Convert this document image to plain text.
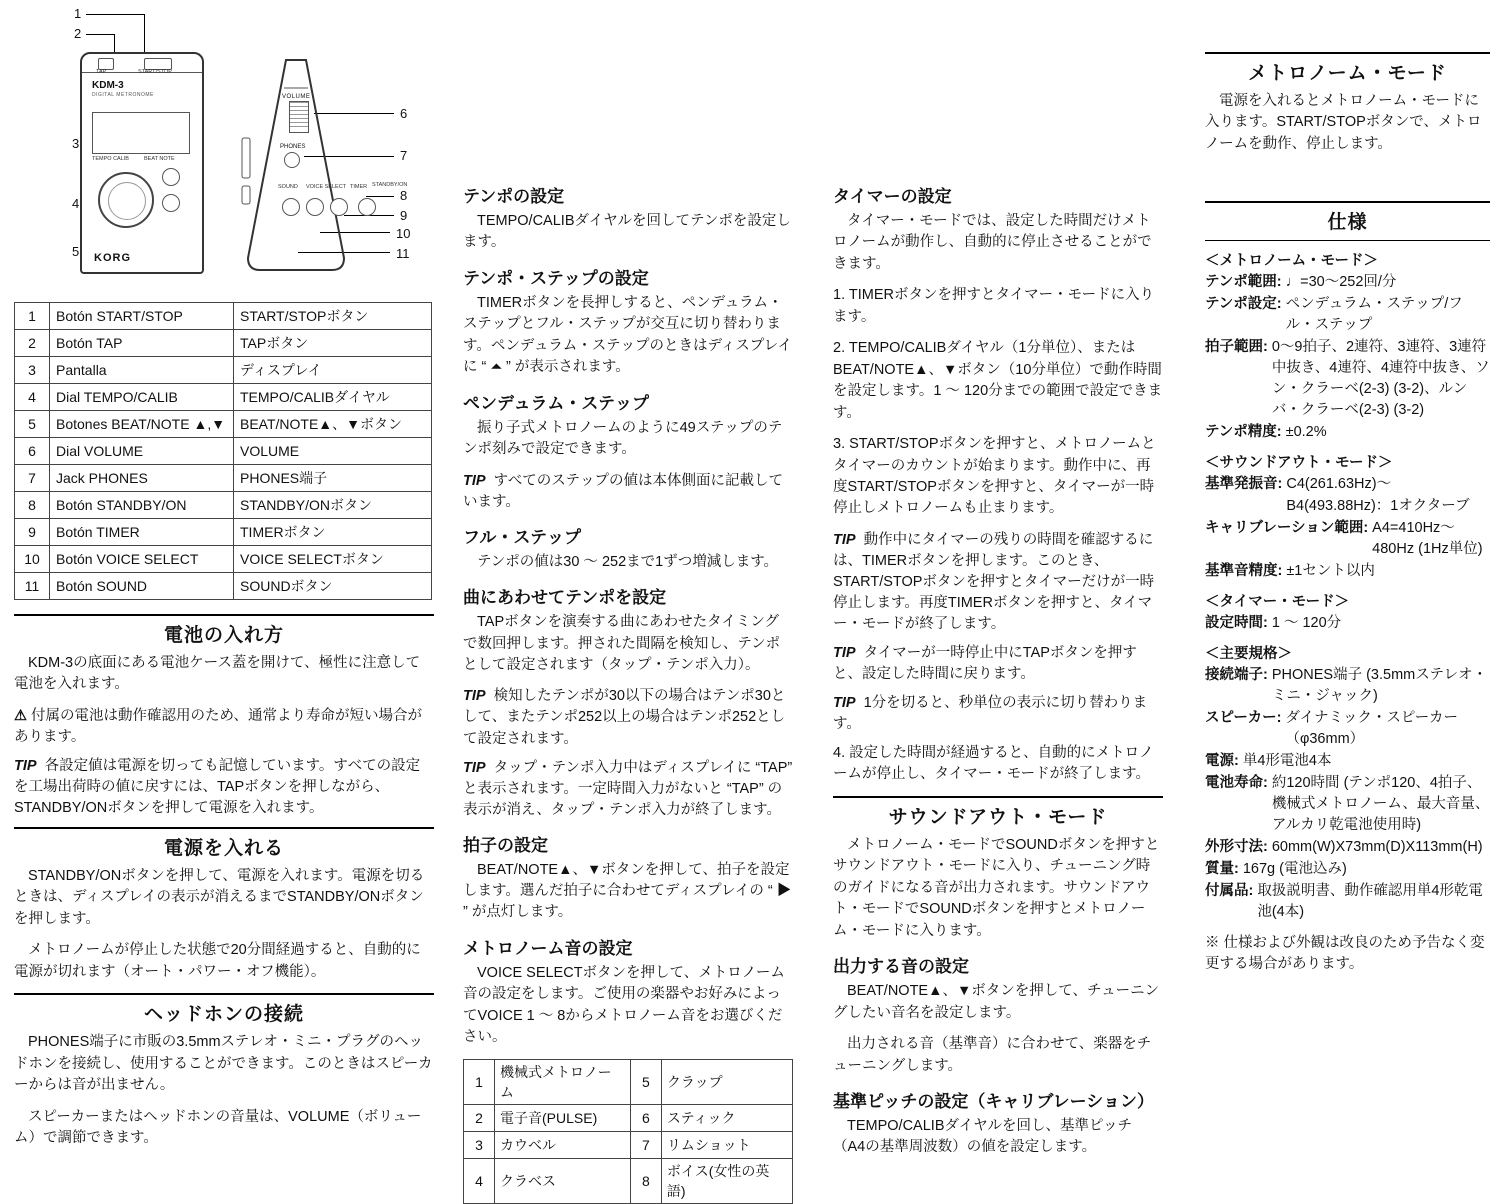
1
2
3
4
5
6
7
8
9
10
11
TAP	START/STOP
KDM-3
DIGITAL METRONOME
TEMPO CALIB	BEAT NOTE
KORG
VOLUME
PHONES
SOUND VOICE SELECT TIMER STANDBY/ON
1	Botón START/STOP	START/STOPボタン
2	Botón TAP	TAPボタン
3	Pantalla	ディスプレイ
4	Dial TEMPO/CALIB	TEMPO/CALIBダイヤル
5	Botones BEAT/NOTE ▲,▼	BEAT/NOTE▲、▼ボタン
6	Dial VOLUME	VOLUME
7	Jack PHONES	PHONES端子
8	Botón STANDBY/ON	STANDBY/ONボタン
9	Botón TIMER	TIMERボタン
10	Botón VOICE SELECT	VOICE SELECTボタン
11	Botón SOUND	SOUNDボタン
電池の入れ方

KDM-3の底面にある電池ケース蓋を開けて、極性に注意して電池を入れます。

⚠ 付属の電池は動作確認用のため、通常より寿命が短い場合があります。

TIP 各設定値は電源を切っても記憶しています。すべての設定を工場出荷時の値に戻すには、TAPボタンを押しながら、STANDBY/ONボタンを押して電源を入れます。

電源を入れる

STANDBY/ONボタンを押して、電源を入れます。電源を切るときは、ディスプレイの表示が消えるまでSTANDBY/ONボタンを押します。

メトロノームが停止した状態で20分間経過すると、自動的に電源が切れます（オート・パワー・オフ機能）。

ヘッドホンの接続

PHONES端子に市販の3.5mmステレオ・ミニ・プラグのヘッドホンを接続し、使用することができます。このときはスピーカーからは音が出ません。

スピーカーまたはヘッドホンの音量は、VOLUME（ボリューム）で調節できます。

テンポの設定

TEMPO/CALIBダイヤルを回してテンポを設定します。

テンポ・ステップの設定

TIMERボタンを長押しすると、ペンデュラム・ステップとフル・ステップが交互に切り替わります。ペンデュラム・ステップのときはディスプレイに “ ⏶ ” が表示されます。

ペンデュラム・ステップ

振り子式メトロノームのように49ステップのテンポ刻みで設定できます。

TIP すべてのステップの値は本体側面に記載しています。

フル・ステップ

テンポの値は30 〜 252まで1ずつ増減します。

曲にあわせてテンポを設定

TAPボタンを演奏する曲にあわせたタイミングで数回押します。押された間隔を検知し、テンポとして設定されます（タップ・テンポ入力）。

TIP 検知したテンポが30以下の場合はテンポ30として、またテンポ252以上の場合はテンポ252として設定されます。

TIP タップ・テンポ入力中はディスプレイに “TAP” と表示されます。一定時間入力がないと “TAP” の表示が消え、タップ・テンポ入力が終了します。

拍子の設定

BEAT/NOTE▲、▼ボタンを押して、拍子を設定します。選んだ拍子に合わせてディスプレイの “ ▶ ” が点灯します。

メトロノーム音の設定

VOICE SELECTボタンを押して、メトロノーム音の設定をします。ご使用の楽器やお好みによってVOICE 1 〜 8からメトロノーム音をお選びください。

1	機械式メトロノーム	5	クラップ
2	電子音(PULSE)	6	スティック
3	カウベル	7	リムショット
4	クラベス	8	ボイス(女性の英語)
タイマーの設定

タイマー・モードでは、設定した時間だけメトロノームが動作し、自動的に停止させることができます。

1. TIMERボタンを押すとタイマー・モードに入ります。

2. TEMPO/CALIBダイヤル（1分単位）、またはBEAT/NOTE▲、▼ボタン（10分単位）で動作時間を設定します。1 〜 120分までの範囲で設定できます。

3. START/STOPボタンを押すと、メトロノームとタイマーのカウントが始まります。動作中に、再度START/STOPボタンを押すと、タイマーが一時停止しメトロノームも止まります。

TIP 動作中にタイマーの残りの時間を確認するには、TIMERボタンを押します。このとき、START/STOPボタンを押すとタイマーだけが一時停止します。再度TIMERボタンを押すと、タイマー・モードが終了します。

TIP タイマーが一時停止中にTAPボタンを押すと、設定した時間に戻ります。

TIP 1分を切ると、秒単位の表示に切り替わります。

4. 設定した時間が経過すると、自動的にメトロノームが停止し、タイマー・モードが終了します。

サウンドアウト・モード

メトロノーム・モードでSOUNDボタンを押すとサウンドアウト・モードに入り、チューニング時のガイドになる音が出力されます。サウンドアウト・モードでSOUNDボタンを押すとメトロノーム・モードに入ります。

出力する音の設定

BEAT/NOTE▲、▼ボタンを押して、チューニングしたい音名を設定します。

出力される音（基準音）に合わせて、楽器をチューニングします。

基準ピッチの設定（キャリブレーション）

TEMPO/CALIBダイヤルを回し、基準ピッチ（A4の基準周波数）の値を設定します。

メトロノーム・モード

電源を入れるとメトロノーム・モードに入ります。START/STOPボタンで、メトロノームを動作、停止します。

仕様
＜メトロノーム・モード＞
テンポ範囲: ♩=30〜252回/分
テンポ設定: ペンデュラム・ステップ/フル・ステップ
拍子範囲: 0〜9拍子、2連符、3連符、3連符中抜き、4連符、4連符中抜き、ソン・クラーベ(2-3) (3-2)、ルンバ・クラーベ(2-3) (3-2)
テンポ精度: ±0.2%
＜サウンドアウト・モード＞
基準発振音: C4(261.63Hz)〜B4(493.88Hz)：1オクターブ
キャリブレーション範囲: A4=410Hz〜480Hz (1Hz単位)
基準音精度: ±1セント以内
＜タイマー・モード＞
設定時間: 1 〜 120分
＜主要規格＞
接続端子: PHONES端子 (3.5mmステレオ・ミニ・ジャック)
スピーカー: ダイナミック・スピーカー（φ36mm）
電源: 単4形電池4本
電池寿命: 約120時間 (テンポ120、4拍子、機械式メトロノーム、最大音量、アルカリ乾電池使用時)
外形寸法: 60mm(W)X73mm(D)X113mm(H)
質量: 167g (電池込み)
付属品: 取扱説明書、動作確認用単4形乾電池(4本)
※ 仕様および外観は改良のため予告なく変更する場合があります。
